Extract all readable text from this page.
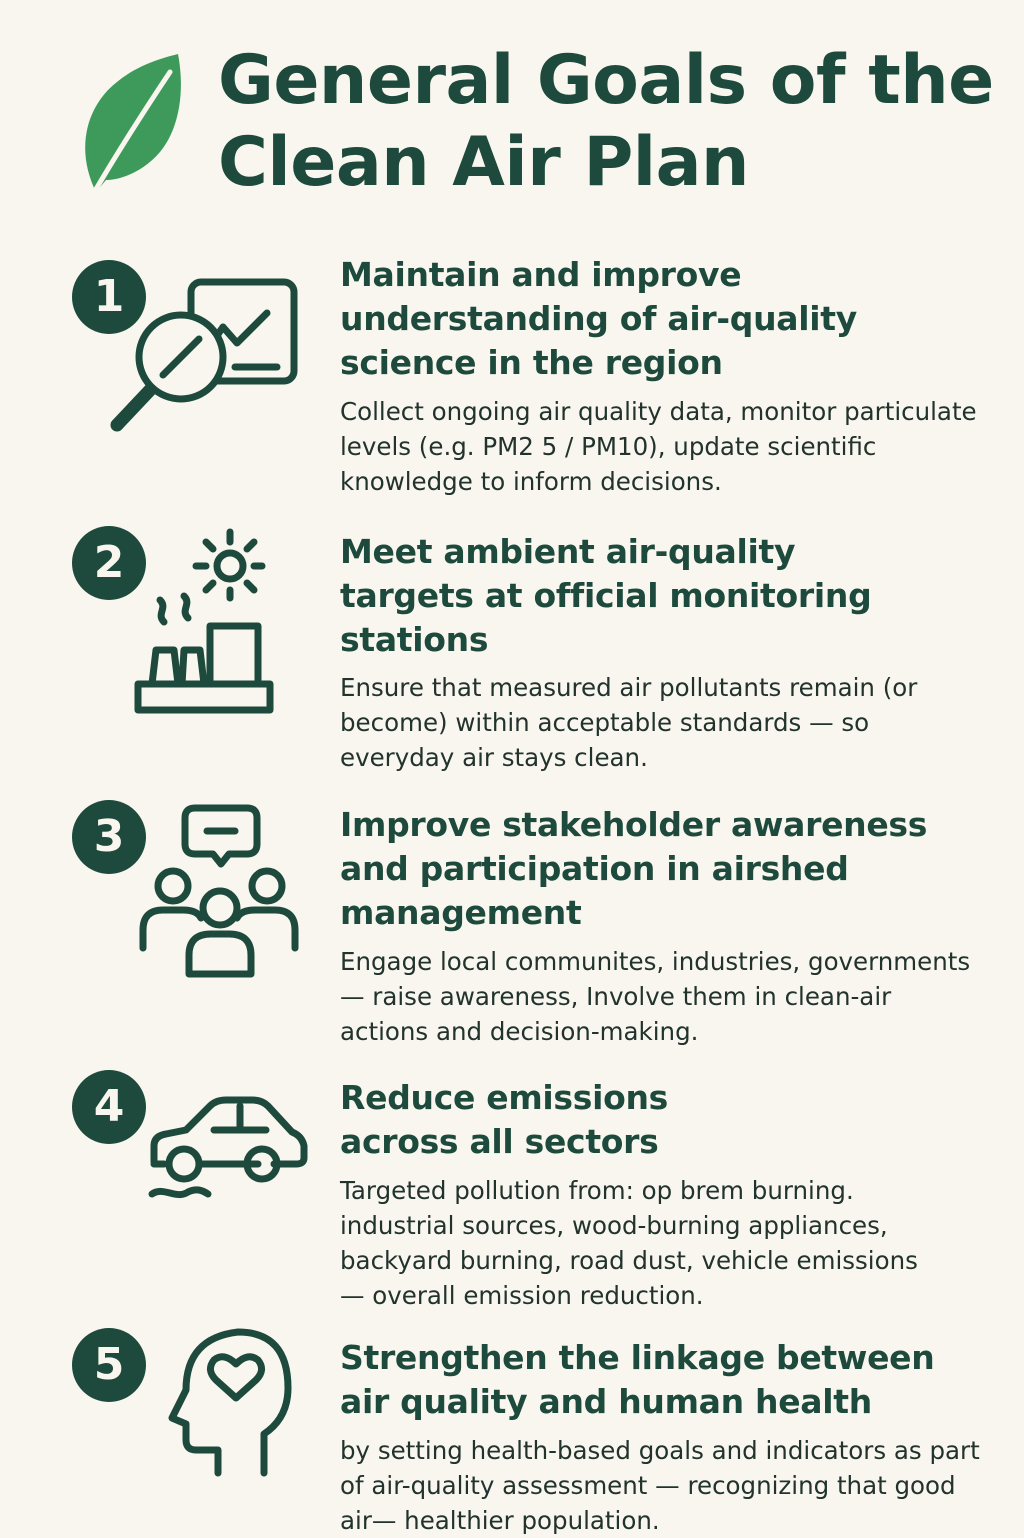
General Goals of the Clean Air Plan
1	Maintain and improve understanding of air-quality science in the region
Collect ongoing air quality data, monitor particulate levels (e.g. PM2 5 / PM10), update scientific knowledge to inform decisions.
2	Meet ambient air-quality targets at official monitoring stations
Ensure that measured air pollutants remain (or become) within acceptable standards — so everyday air stays clean.
3	Improve stakeholder awareness and participation in airshed management
Engage local communites, industries, governments — raise awareness, Involve them in clean-air actions and decision-making.
4	Reduce emissions across all sectors
Targeted pollution from: op brem burning. industrial sources, wood-burning appliances, backyard burning, road dust, vehicle emissions — overall emission reduction.
5	Strengthen the linkage between air quality and human health
by setting health-based goals and indicators as part of air-quality assessment — recognizing that good air— healthier population.
